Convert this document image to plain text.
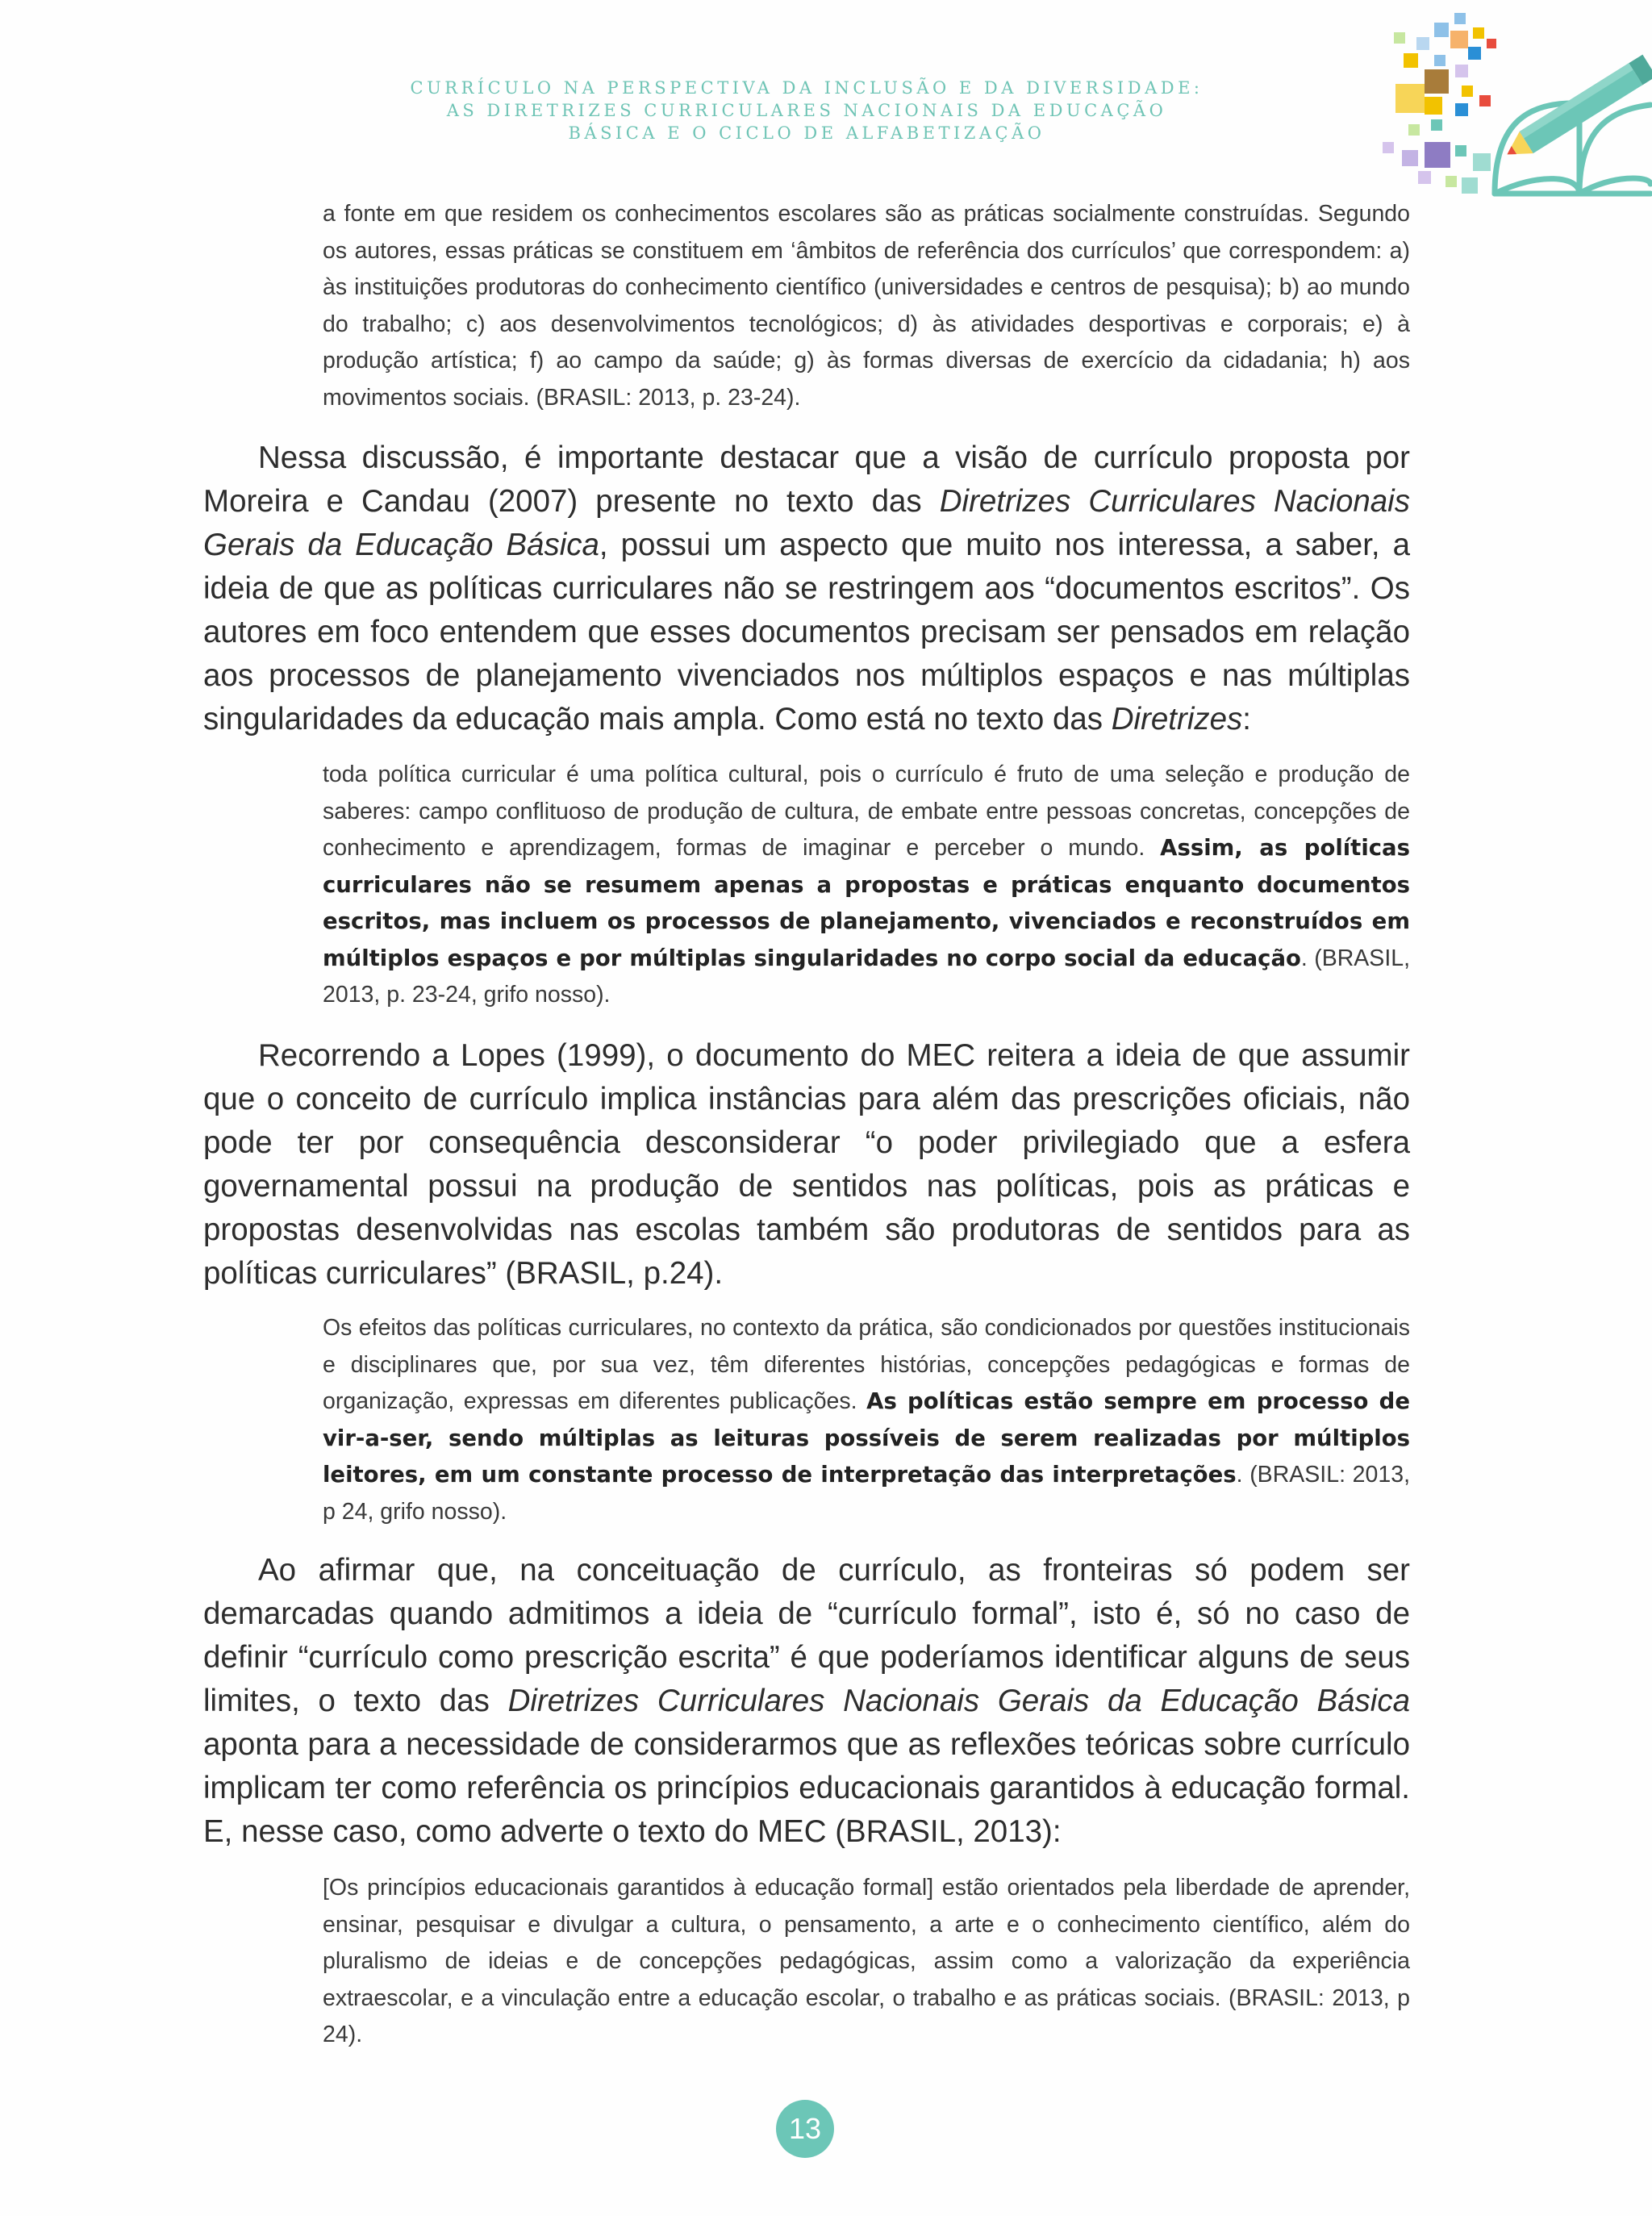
CURRÍCULO NA PERSPECTIVA DA INCLUSÃO E DA DIVERSIDADE:
AS DIRETRIZES CURRICULARES NACIONAIS DA EDUCAÇÃO
BÁSICA E O CICLO DE ALFABETIZAÇÃO
a fonte em que residem os conhecimentos escolares são as práticas socialmente construídas. Segundo os autores, essas práticas se constituem em ‘âmbitos de referência dos currículos’ que correspondem: a) às instituições produtoras do conhecimento científico (universidades e centros de pesquisa); b) ao mundo do trabalho; c) aos desenvolvimentos tecnológicos; d) às atividades desportivas e corporais; e) à produção artística; f) ao campo da saúde; g) às formas diversas de exercício da cidadania; h) aos movimentos sociais. (BRASIL: 2013, p. 23-24).
Nessa discussão, é importante destacar que a visão de currículo proposta por Moreira e Candau (2007) presente no texto das Diretrizes Curriculares Nacionais Gerais da Educação Básica, possui um aspecto que muito nos interessa, a saber, a ideia de que as políticas curriculares não se restringem aos “documentos escritos”. Os autores em foco entendem que esses documentos precisam ser pensados em relação aos processos de planejamento vivenciados nos múltiplos espaços e nas múltiplas singularidades da educação mais ampla. Como está no texto das Diretrizes:
toda política curricular é uma política cultural, pois o currículo é fruto de uma seleção e produção de saberes: campo conflituoso de produção de cultura, de embate entre pessoas concretas, concepções de conhecimento e aprendizagem, formas de imaginar e perceber o mundo. Assim, as políticas curriculares não se resumem apenas a propostas e práticas enquanto documentos escritos, mas incluem os processos de planejamento, vivenciados e reconstruídos em múltiplos espaços e por múltiplas singularidades no corpo social da educação. (BRASIL, 2013, p. 23-24, grifo nosso).
Recorrendo a Lopes (1999), o documento do MEC reitera a ideia de que assumir que o conceito de currículo implica instâncias para além das prescrições oficiais, não pode ter por consequência desconsiderar “o poder privilegiado que a esfera governamental possui na produção de sentidos nas políticas, pois as práticas e propostas desenvolvidas nas escolas também são produtoras de sentidos para as políticas curriculares” (BRASIL, p.24).
Os efeitos das políticas curriculares, no contexto da prática, são condicionados por questões institucionais e disciplinares que, por sua vez, têm diferentes histórias, concepções pedagógicas e formas de organização, expressas em diferentes publicações. As políticas estão sempre em processo de vir-a-ser, sendo múltiplas as leituras possíveis de serem realizadas por múltiplos leitores, em um constante processo de interpretação das interpretações. (BRASIL: 2013, p 24, grifo nosso).
Ao afirmar que, na conceituação de currículo, as fronteiras só podem ser demarcadas quando admitimos a ideia de “currículo formal”, isto é, só no caso de definir “currículo como prescrição escrita” é que poderíamos identificar alguns de seus limites, o texto das Diretrizes Curriculares Nacionais Gerais da Educação Básica aponta para a necessidade de considerarmos que as reflexões teóricas sobre currículo implicam ter como referência os princípios educacionais garantidos à educação formal. E, nesse caso, como adverte o texto do MEC (BRASIL, 2013):
[Os princípios educacionais garantidos à educação formal] estão orientados pela liberdade de aprender, ensinar, pesquisar e divulgar a cultura, o pensamento, a arte e o conhecimento científico, além do pluralismo de ideias e de concepções pedagógicas, assim como a valorização da experiência extraescolar, e a vinculação entre a educação escolar, o trabalho e as práticas sociais. (BRASIL: 2013, p 24).
13
